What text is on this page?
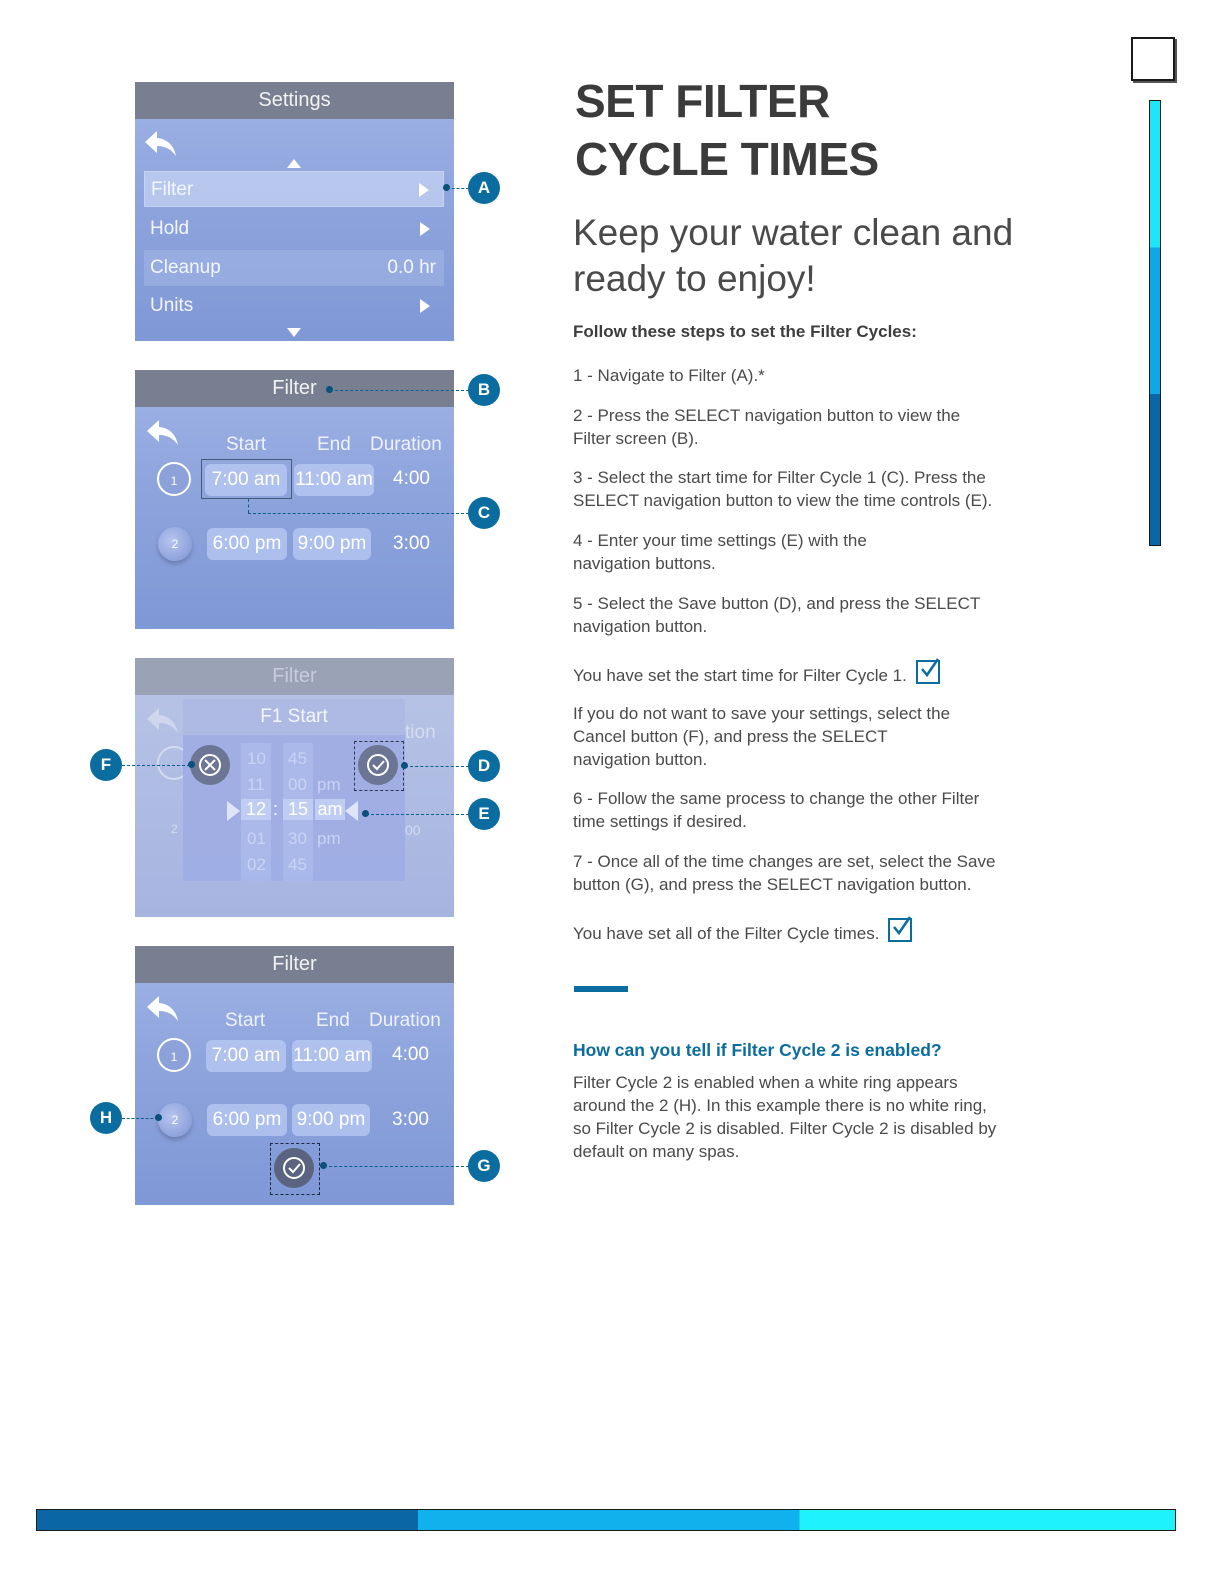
Settings
Filter
Hold
Cleanup	0.0 hr
Units
Filter
Start	End Duration
1	7:00 am 11:00 am 4:00
2	6:00 pm 9:00 pm 3:00
Filter
tion
2	00
F1 Start
10
11
12
01
02
:
45
00
15
30
45
pm
am
pm
Filter
Start	End Duration
1	7:00 am 11:00 am 4:00
2	6:00 pm 9:00 pm 3:00
A
B
C
D
E
F
G
H
SET FILTER
CYCLE TIMES
Keep your water clean and
ready to enjoy!
Follow these steps to set the Filter Cycles:
1 - Navigate to Filter (A).*
2 - Press the SELECT navigation button to view the Filter screen (B).
3 - Select the start time for Filter Cycle 1 (C). Press the SELECT navigation button to view the time controls (E).
4 - Enter your time settings (E) with the navigation buttons.
5 - Select the Save button (D), and press the SELECT navigation button.
You have set the start time for Filter Cycle 1.
If you do not want to save your settings, select the Cancel button (F), and press the SELECT navigation button.
6 - Follow the same process to change the other Filter time settings if desired.
7 - Once all of the time changes are set, select the Save button (G), and press the SELECT navigation button.
You have set all of the Filter Cycle times.
How can you tell if Filter Cycle 2 is enabled?
Filter Cycle 2 is enabled when a white ring appears around the 2 (H). In this example there is no white ring, so Filter Cycle 2 is disabled. Filter Cycle 2 is disabled by default on many spas.
